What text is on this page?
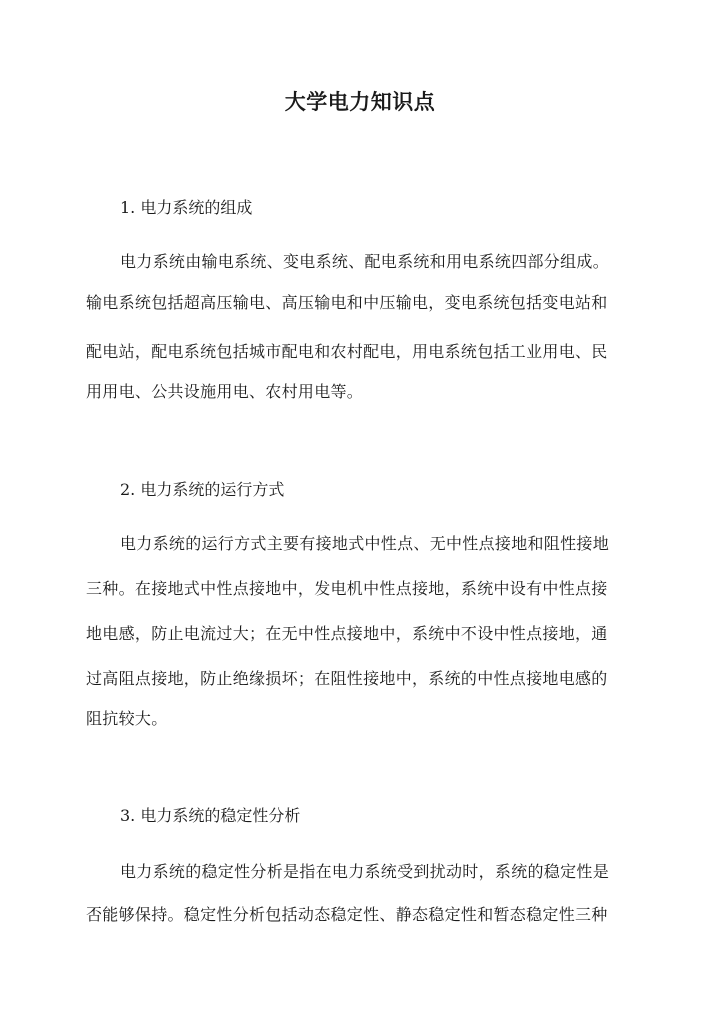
大学电力知识点
1. 电力系统的组成
电力系统由输电系统、变电系统、配电系统和用电系统四部分组成。
输电系统包括超高压输电、高压输电和中压输电，变电系统包括变电站和
配电站，配电系统包括城市配电和农村配电，用电系统包括工业用电、民
用用电、公共设施用电、农村用电等。
2. 电力系统的运行方式
电力系统的运行方式主要有接地式中性点、无中性点接地和阻性接地
三种。在接地式中性点接地中，发电机中性点接地，系统中设有中性点接
地电感，防止电流过大；在无中性点接地中，系统中不设中性点接地，通
过高阻点接地，防止绝缘损坏；在阻性接地中，系统的中性点接地电感的
阻抗较大。
3. 电力系统的稳定性分析
电力系统的稳定性分析是指在电力系统受到扰动时，系统的稳定性是
否能够保持。稳定性分析包括动态稳定性、静态稳定性和暂态稳定性三种
